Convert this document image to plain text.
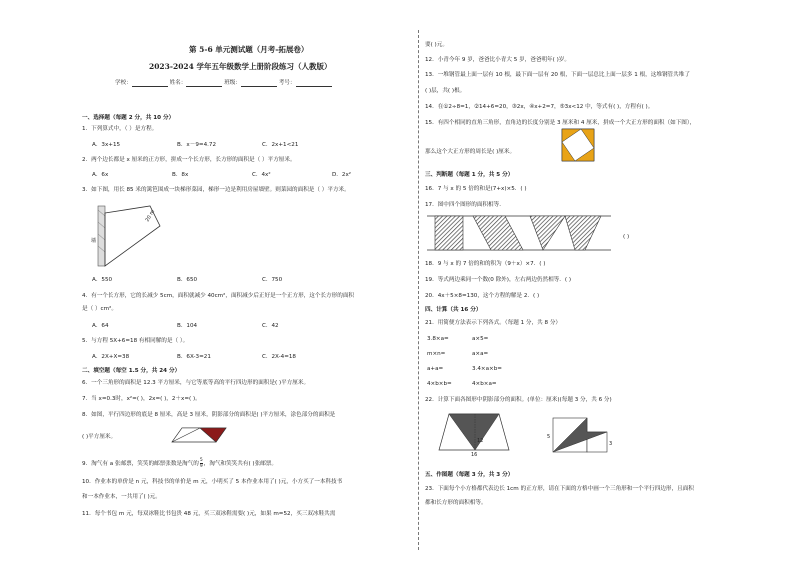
第 5-6 单元测试题（月考-拓展卷）
2023-2024 学年五年级数学上册阶段练习（人教版）
学校：	姓名：	班级：	考号：
一、选择题（每题 2 分，共 10 分）
1．下列算式中，（ ）是方程。
A．3x+15	B．x－9=4.72	C．2x+1<21
2．两个边长都是 x 厘米的正方形，拼成一个长方形，长方形的面积是（ ）平方厘米。
A．6x	B．8x	C．4x²	D．2x²
3．如下图，用长 85 米的篱笆围成一块梯形菜园，梯形一边是利用房屋墙壁。则菜园的面积是（ ）平方米。
20 m
墙
A．550	B．650	C．750
4．有一个长方形，它的长减少 5cm，面积就减少 40cm²，面积减少后正好是一个正方形，这个长方形的面积
是（ ）cm²。
A．64	B．104	C．42
5．与方程 5X+6=18 有相同解的是（ ）。
A．2X+X=38	B．6X-3=21	C．2X-4=18
二、填空题（每空 1.5 分，共 24 分）
6．一个三角形的面积是 12.3 平方厘米，与它等底等高的平行四边形的面积是( )平方厘米。
7．当 x=0.3时，x²=( )，2x=( )，2＋x=( )。
8．如图，平行四边形的底是 8 厘米，高是 3 厘米，阴影部分的面积是( )平方厘米，涂色部分的面积是
( )平方厘米。
9．淘气有 a 张邮票，笑笑的邮票张数是淘气的 $\frac{5}{9}$ ，淘气和笑笑共有( )张邮票。
10．作业本的单价是 n 元，科技书的单价是 m 元，小明买了 5 本作业本用了( )元，小方买了一本科技书
和一本作业本，一共用了( )元。
11．每个书包 m 元，每双冰鞋比书包贵 48 元，买三双冰鞋需要( )元，如果 m=52，买三双冰鞋共需
要( )元。
12．小青今年 9 岁，爸爸比小青大 5 岁，爸爸明年( )岁。
13．一堆钢管最上面一层有 10 根，最下面一层有 20 根，下面一层总比上面一层多 1 根，这堆钢管共堆了
( )层，共( )根。
14．在①2÷8=1，②14+6=20，③2x，④x+2=7，⑤3x<12 中，等式有( )，方程有( )。
15．有四个相同的直角三角形，直角边的长度分别是 3 厘米和 4 厘米，拼成一个大正方形的面积（如下图），
那么这个大正方形的周长是( )厘米。
三、判断题（每题 1 分，共 5 分）
16．7 与 x 的 5 倍的和是(7+x)×5．( )
17．图中四个图形的面积相等．
( )
18．9 与 x 的 7 倍的和的积为（9＋x）×7．( )
19．等式两边乘同一个数(0 除外)，左右两边仍然相等．( )
20．4x＋5×8=130，这个方程的解是 2．( )
四、计算（共 16 分）
21．用简便方法表示下列各式。（每题 1 分，共 8 分）
3.8×a=	a×5=
m×n=	a×a=
a+a=	3.4×a×b=
4×b×b=	4×b×a=
22．计算下面各图形中阴影部分的面积。(单位：厘米)(每题 3 分，共 6 分)
12
16
5
3
五、作图题（每题 3 分，共 3 分）
23．下面每个小方格都代表边长 1cm 的正方形，请在下面的方格中画一个三角形和一个平行四边形，且面积
都和长方形的面积相等。
